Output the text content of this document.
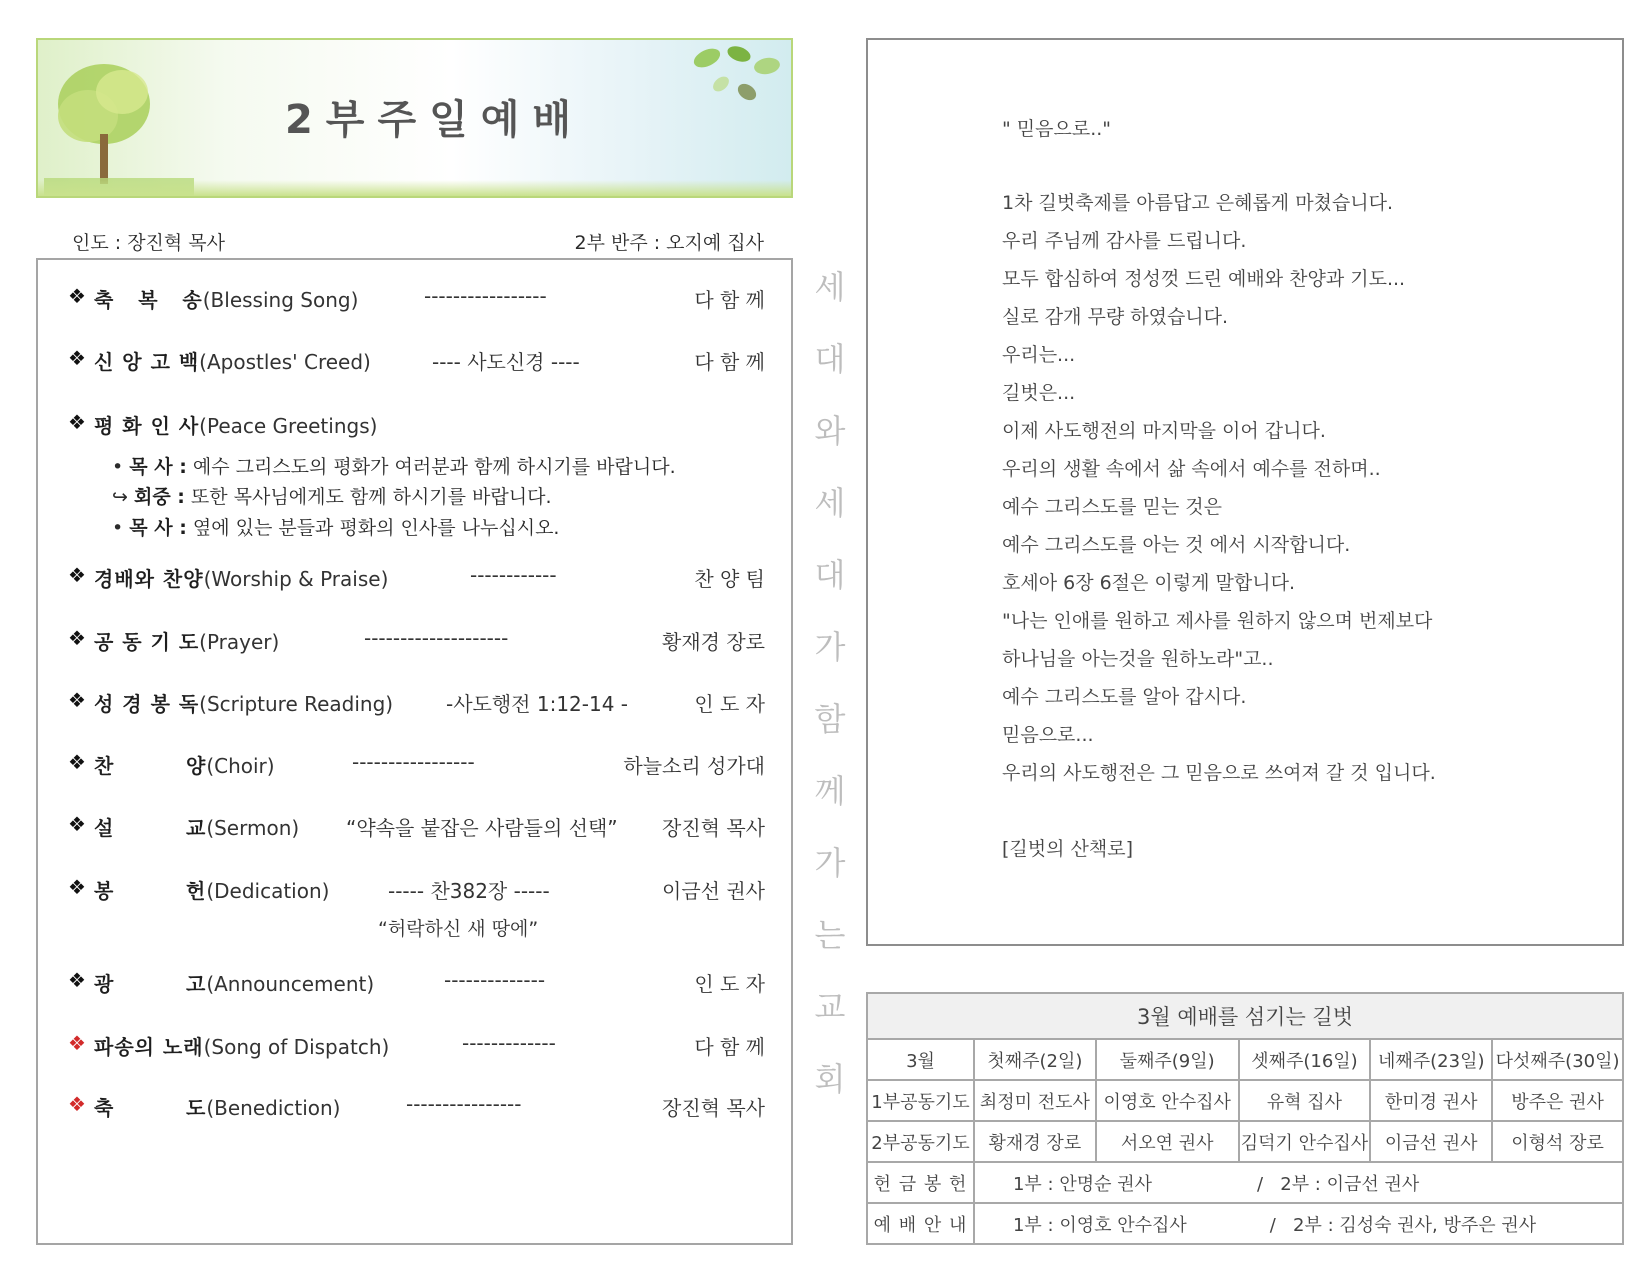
2부주일예배
인도 : 장진혁 목사	2부 반주 : 오지예 집사
❖ 축   복   송(Blessing Song)	-----------------	다 함 께
❖ 신 앙 고 백(Apostles' Creed)	---- 사도신경 ----	다 함 께
❖ 평 화 인 사(Peace Greetings)
• 목 사 : 예수 그리스도의 평화가 여러분과 함께 하시기를 바랍니다.
↪ 회중 : 또한 목사님에게도 함께 하시기를 바랍니다.
• 목 사 : 옆에 있는 분들과 평화의 인사를 나누십시오.
❖ 경배와 찬양(Worship & Praise)	------------	찬 양 팀
❖ 공 동 기 도(Prayer)	--------------------	황재경 장로
❖ 성 경 봉 독(Scripture Reading)	-사도행전 1:12-14 -	인 도 자
❖ 찬         양(Choir)	-----------------	하늘소리 성가대
❖ 설         교(Sermon) “약속을 붙잡은 사람들의 선택” 장진혁 목사
❖ 봉         헌(Dedication)	----- 찬382장 -----	이금선 권사
“허락하신 새 땅에”
❖ 광         고(Announcement)	--------------	인 도 자
❖ 파송의 노래(Song of Dispatch)	-------------	다 함 께
❖ 축         도(Benediction)	----------------	장진혁 목사
세
대
와
세
대
가
함
께
가
는
교
회
" 믿음으로.."
1차 길벗축제를 아름답고 은혜롭게 마쳤습니다.
우리 주님께 감사를 드립니다.
모두 합심하여 정성껏 드린 예배와 찬양과 기도...
실로 감개 무량 하였습니다.
우리는...
길벗은...
이제 사도행전의 마지막을 이어 갑니다.
우리의 생활 속에서 삶 속에서 예수를 전하며..
예수 그리스도를 믿는 것은
예수 그리스도를 아는 것 에서 시작합니다.
호세아 6장 6절은 이렇게 말합니다.
"나는 인애를 원하고 제사를 원하지 않으며 번제보다
하나님을 아는것을 원하노라"고..
예수 그리스도를 알아 갑시다.
믿음으로...
우리의 사도행전은 그 믿음으로 쓰여져 갈 것 입니다.
[길벗의 산책로]
3월 예배를 섬기는 길벗					
3월	첫째주(2일)	둘째주(9일)	셋째주(16일)	네째주(23일)	다섯째주(30일)
1부공동기도	최정미 전도사	이영호 안수집사	유혁 집사	한미경 권사	방주은 권사
2부공동기도	황재경 장로	서오연 권사	김덕기 안수집사	이금선 권사	이형석 장로
헌 금 봉 헌	1부 : 안명순 권사 / 2부 : 이금선 권사				
예 배 안 내	1부 : 이영호 안수집사 / 2부 : 김성숙 권사, 방주은 권사				
